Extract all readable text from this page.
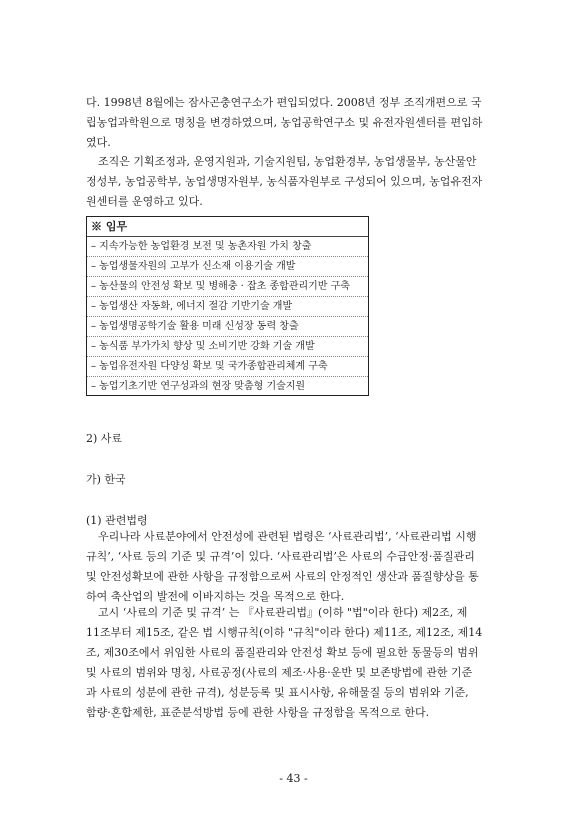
다. 1998년 8월에는 잠사곤충연구소가 편입되었다. 2008년 정부 조직개편으로 국
립농업과학원으로 명칭을 변경하였으며, 농업공학연구소 및 유전자원센터를 편입하
였다.

조직은 기획조정과, 운영지원과, 기술지원팀, 농업환경부, 농업생물부, 농산물안
정성부, 농업공학부, 농업생명자원부, 농식품자원부로 구성되어 있으며, 농업유전자
원센터를 운영하고 있다.

※ 임무
– 지속가능한 농업환경 보전 및 농촌자원 가치 창출
– 농업생물자원의 고부가 신소재 이용기술 개발
– 농산물의 안전성 확보 및 병해충 · 잡초 종합관리기반 구축
– 농업생산 자동화, 에너지 절감 기반기술 개발
– 농업생명공학기술 활용 미래 신성장 동력 창출
– 농식품 부가가치 향상 및 소비기반 강화 기술 개발
– 농업유전자원 다양성 확보 및 국가종합관리체계 구축
– 농업기초기반 연구성과의 현장 맞춤형 기술지원

2) 사료

가) 한국

(1) 관련법령

우리나라 사료분야에서 안전성에 관련된 법령은 ‘사료관리법’, ‘사료관리법 시행
규칙’, ‘사료 등의 기준 및 규격’이 있다. ‘사료관리법’은 사료의 수급안정·품질관리
및 안전성확보에 관한 사항을 규정함으로써 사료의 안정적인 생산과 품질향상을 통
하여 축산업의 발전에 이바지하는 것을 목적으로 한다.

고시 ‘사료의 기준 및 규격’ 는 『사료관리법』(이하 "법"이라 한다) 제2조, 제
11조부터 제15조, 같은 법 시행규칙(이하 "규칙"이라 한다) 제11조, 제12조, 제14
조, 제30조에서 위임한 사료의 품질관리와 안전성 확보 등에 필요한 동물등의 범위
및 사료의 범위와 명칭, 사료공정(사료의 제조·사용·운반 및 보존방법에 관한 기준
과 사료의 성분에 관한 규격), 성분등록 및 표시사항, 유해물질 등의 범위와 기준,
함량·혼합제한, 표준분석방법 등에 관한 사항을 규정함을 목적으로 한다.

- 43 -
